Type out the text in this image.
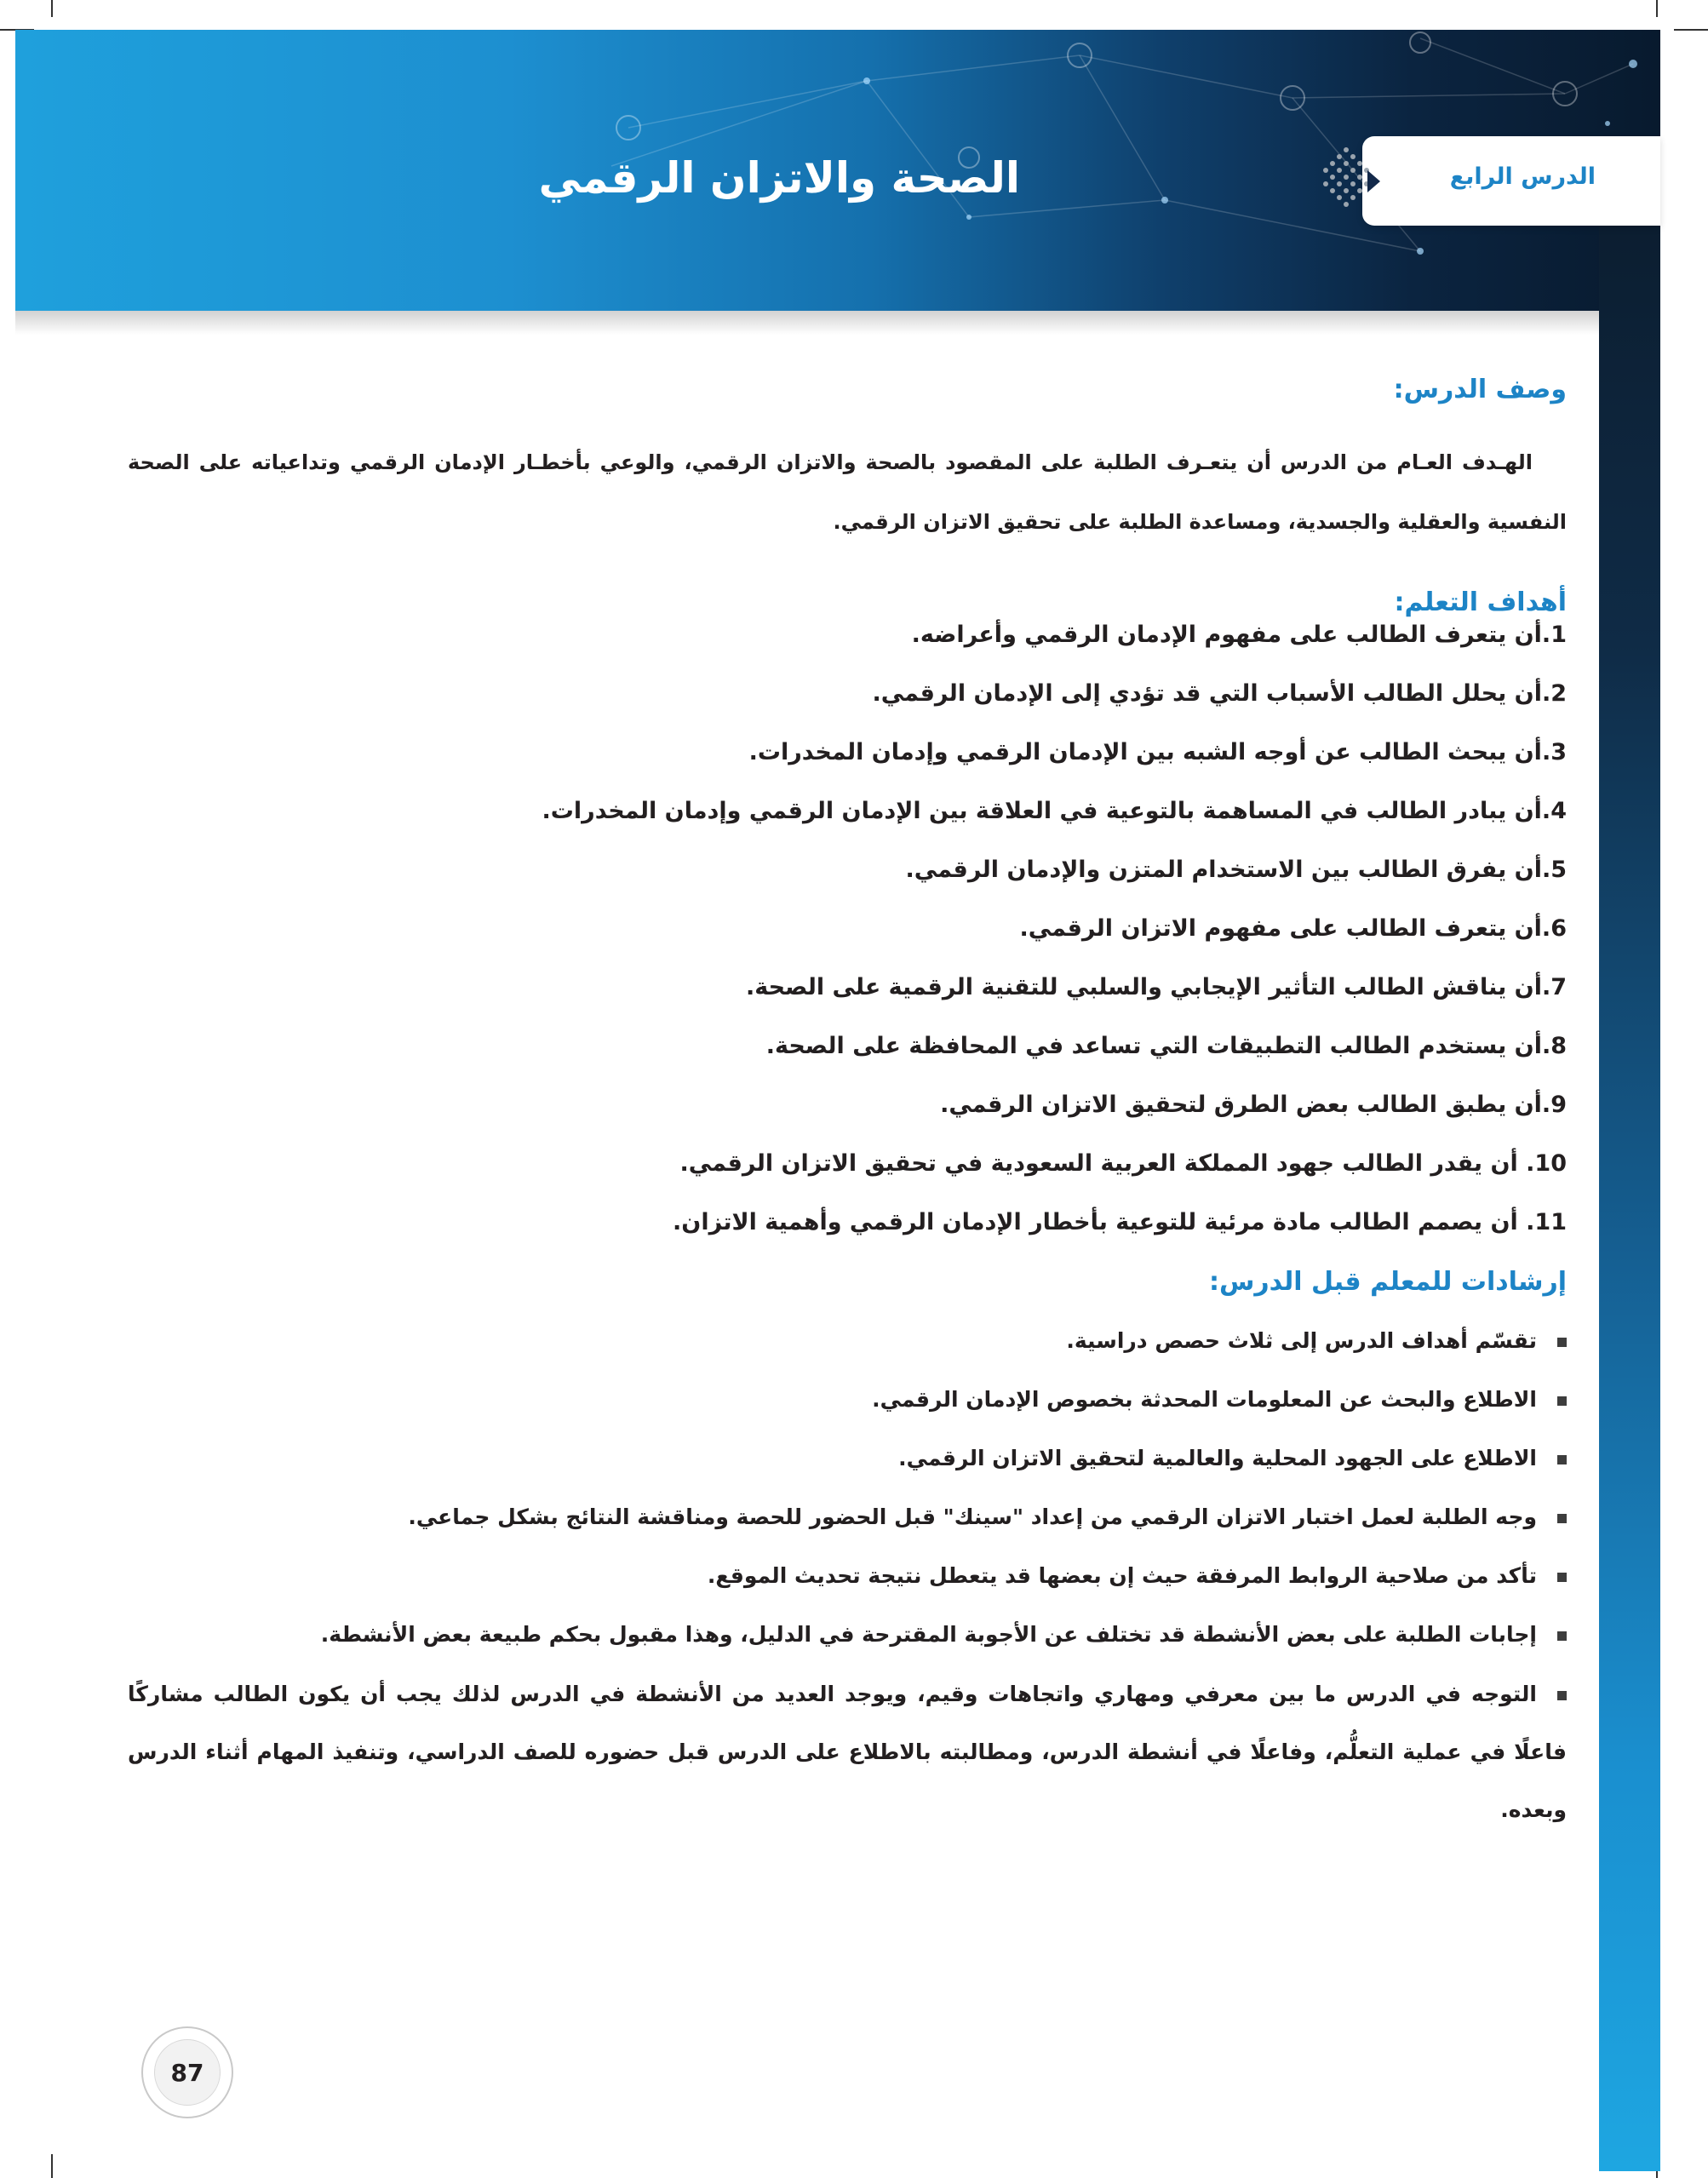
الدرس الرابع
الصحة والاتزان الرقمي
وصف الدرس:
الهـدف العـام من الدرس أن يتعـرف الطلبة على المقصود بالصحة والاتزان الرقمي، والوعي بأخطـار الإدمان الرقمي وتداعياته على الصحة النفسية والعقلية والجسدية، ومساعدة الطلبة على تحقيق الاتزان الرقمي.
أهداف التعلم:
1.أن يتعرف الطالب على مفهوم الإدمان الرقمي وأعراضه.
2.أن يحلل الطالب الأسباب التي قد تؤدي إلى الإدمان الرقمي.
3.أن يبحث الطالب عن أوجه الشبه بين الإدمان الرقمي وإدمان المخدرات.
4.أن يبادر الطالب في المساهمة بالتوعية في العلاقة بين الإدمان الرقمي وإدمان المخدرات.
5.أن يفرق الطالب بين الاستخدام المتزن والإدمان الرقمي.
6.أن يتعرف الطالب على مفهوم الاتزان الرقمي.
7.أن يناقش الطالب التأثير الإيجابي والسلبي للتقنية الرقمية على الصحة.
8.أن يستخدم الطالب التطبيقات التي تساعد في المحافظة على الصحة.
9.أن يطبق الطالب بعض الطرق لتحقيق الاتزان الرقمي.
10. أن يقدر الطالب جهود المملكة العربية السعودية في تحقيق الاتزان الرقمي.
11. أن يصمم الطالب مادة مرئية للتوعية بأخطار الإدمان الرقمي وأهمية الاتزان.
إرشادات للمعلم قبل الدرس:
تقسّم أهداف الدرس إلى ثلاث حصص دراسية.
الاطلاع والبحث عن المعلومات المحدثة بخصوص الإدمان الرقمي.
الاطلاع على الجهود المحلية والعالمية لتحقيق الاتزان الرقمي.
وجه الطلبة لعمل اختبار الاتزان الرقمي من إعداد "سينك" قبل الحضور للحصة ومناقشة النتائج بشكل جماعي.
تأكد من صلاحية الروابط المرفقة حيث إن بعضها قد يتعطل نتيجة تحديث الموقع.
إجابات الطلبة على بعض الأنشطة قد تختلف عن الأجوبة المقترحة في الدليل، وهذا مقبول بحكم طبيعة بعض الأنشطة.
التوجه في الدرس ما بين معرفي ومهاري واتجاهات وقيم، ويوجد العديد من الأنشطة في الدرس لذلك يجب أن يكون الطالب مشاركًا فاعلًا في عملية التعلُّم، وفاعلًا في أنشطة الدرس، ومطالبته بالاطلاع على الدرس قبل حضوره للصف الدراسي، وتنفيذ المهام أثناء الدرس وبعده.
87
